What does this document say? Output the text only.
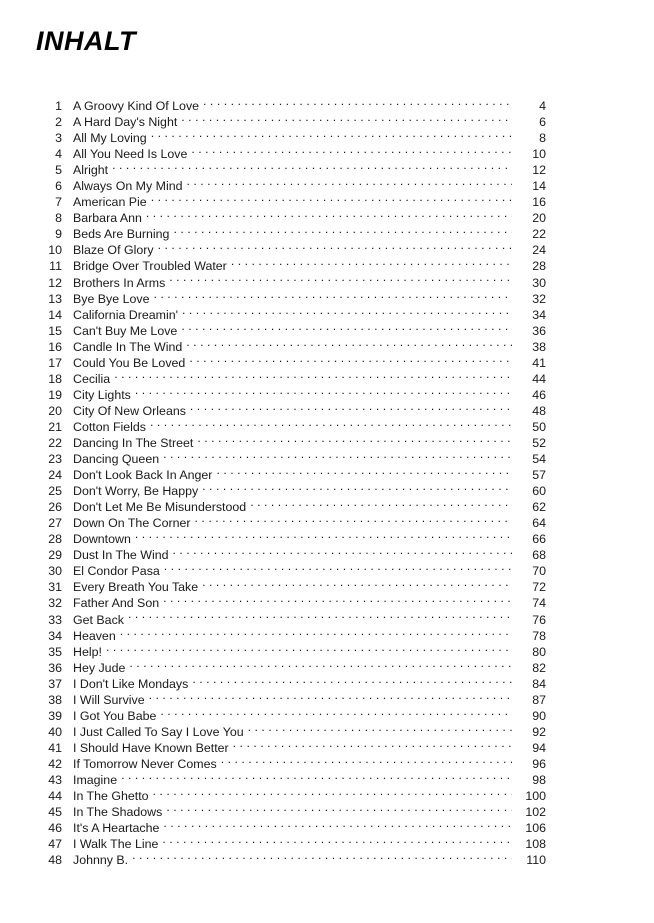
INHALT
1 A Groovy Kind Of Love . . .	4
2 A Hard Day's Night . . .	6
3 All My Loving . . .	8
4 All You Need Is Love . . .	10
5 Alright . . .	12
6 Always On My Mind . . .	14
7 American Pie . . .	16
8 Barbara Ann . . .	20
9 Beds Are Burning . . .	22
10 Blaze Of Glory . . .	24
11 Bridge Over Troubled Water . . .	28
12 Brothers In Arms . . .	30
13 Bye Bye Love . . .	32
14 California Dreamin' . . .	34
15 Can't Buy Me Love . . .	36
16 Candle In The Wind . . .	38
17 Could You Be Loved . . .	41
18 Cecilia . . .	44
19 City Lights . . .	46
20 City Of New Orleans . . .	48
21 Cotton Fields . . .	50
22 Dancing In The Street . . .	52
23 Dancing Queen . . .	54
24 Don't Look Back In Anger . . .	57
25 Don't Worry, Be Happy . . .	60
26 Don't Let Me Be Misunderstood . . .	62
27 Down On The Corner . . .	64
28 Downtown . . .	66
29 Dust In The Wind . . .	68
30 El Condor Pasa . . .	70
31 Every Breath You Take . . .	72
32 Father And Son . . .	74
33 Get Back . . .	76
34 Heaven . . .	78
35 Help! . . .	80
36 Hey Jude . . .	82
37 I Don't Like Mondays . . .	84
38 I Will Survive . . .	87
39 I Got You Babe . . .	90
40 I Just Called To Say I Love You . . .	92
41 I Should Have Known Better . . .	94
42 If Tomorrow Never Comes . . .	96
43 Imagine . . .	98
44 In The Ghetto . . .	100
45 In The Shadows . . .	102
46 It's A Heartache . . .	106
47 I Walk The Line . . .	108
48 Johnny B. . . .	110
